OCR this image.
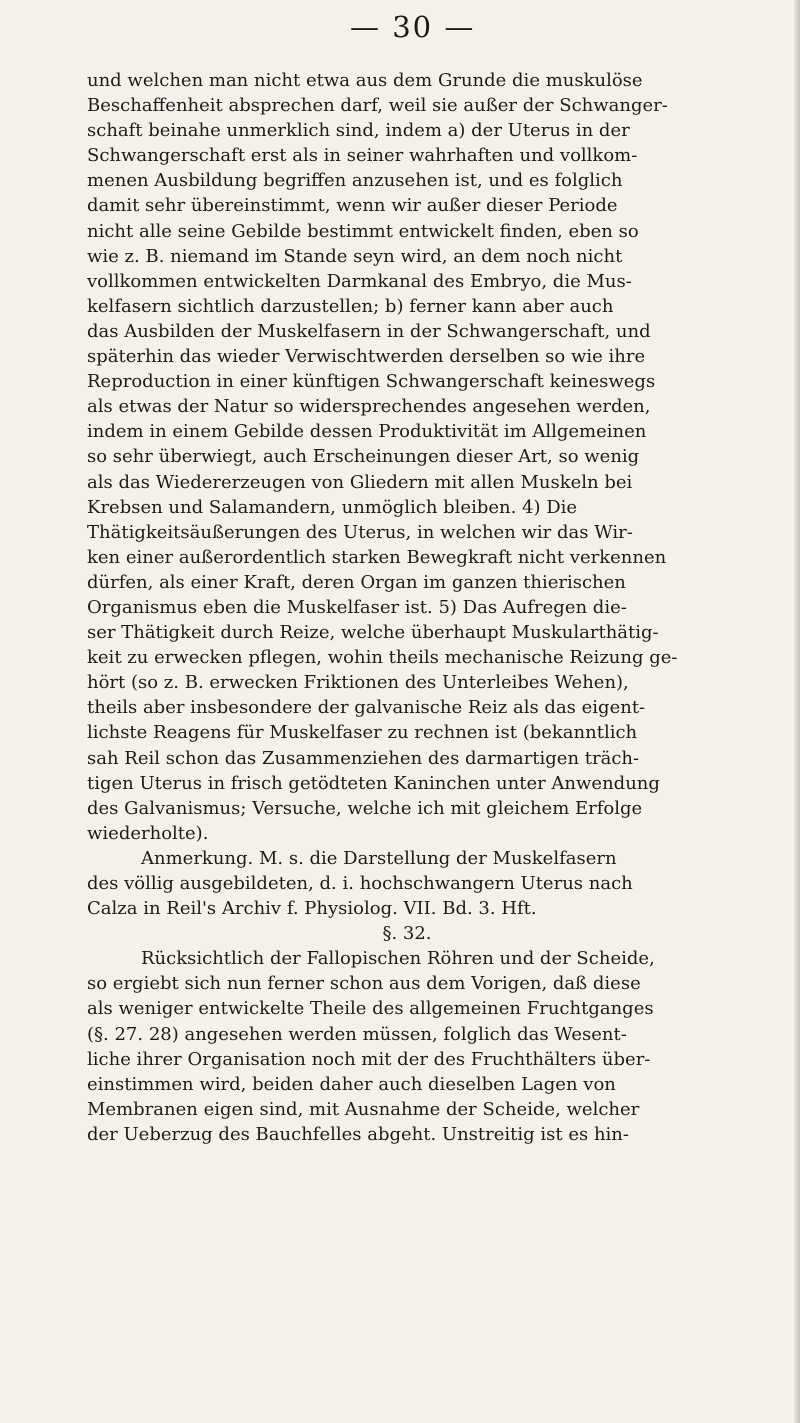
— 30 —
und welchen man nicht etwa aus dem Grunde die muskulöse
Beschaffenheit absprechen darf, weil sie außer der Schwanger-
schaft beinahe unmerklich sind, indem a) der Uterus in der
Schwangerschaft erst als in seiner wahrhaften und vollkom-
menen Ausbildung begriffen anzusehen ist, und es folglich
damit sehr übereinstimmt, wenn wir außer dieser Periode
nicht alle seine Gebilde bestimmt entwickelt finden, eben so
wie z. B. niemand im Stande seyn wird, an dem noch nicht
vollkommen entwickelten Darmkanal des Embryo, die Mus-
kelfasern sichtlich darzustellen; b) ferner kann aber auch
das Ausbilden der Muskelfasern in der Schwangerschaft, und
späterhin das wieder Verwischtwerden derselben so wie ihre
Reproduction in einer künftigen Schwangerschaft keineswegs
als etwas der Natur so widersprechendes angesehen werden,
indem in einem Gebilde dessen Produktivität im Allgemeinen
so sehr überwiegt, auch Erscheinungen dieser Art, so wenig
als das Wiedererzeugen von Gliedern mit allen Muskeln bei
Krebsen und Salamandern, unmöglich bleiben. 4) Die
Thätigkeitsäußerungen des Uterus, in welchen wir das Wir-
ken einer außerordentlich starken Bewegkraft nicht verkennen
dürfen, als einer Kraft, deren Organ im ganzen thierischen
Organismus eben die Muskelfaser ist. 5) Das Aufregen die-
ser Thätigkeit durch Reize, welche überhaupt Muskularthätig-
keit zu erwecken pflegen, wohin theils mechanische Reizung ge-
hört (so z. B. erwecken Friktionen des Unterleibes Wehen),
theils aber insbesondere der galvanische Reiz als das eigent-
lichste Reagens für Muskelfaser zu rechnen ist (bekanntlich
sah Reil schon das Zusammenziehen des darmartigen träch-
tigen Uterus in frisch getödteten Kaninchen unter Anwendung
des Galvanismus; Versuche, welche ich mit gleichem Erfolge
wiederholte).
Anmerkung. M. s. die Darstellung der Muskelfasern
des völlig ausgebildeten, d. i. hochschwangern Uterus nach
Calza in Reil's Archiv f. Physiolog. VII. Bd. 3. Hft.
§. 32.
Rücksichtlich der Fallopischen Röhren und der Scheide,
so ergiebt sich nun ferner schon aus dem Vorigen, daß diese
als weniger entwickelte Theile des allgemeinen Fruchtganges
(§. 27. 28) angesehen werden müssen, folglich das Wesent-
liche ihrer Organisation noch mit der des Fruchthälters über-
einstimmen wird, beiden daher auch dieselben Lagen von
Membranen eigen sind, mit Ausnahme der Scheide, welcher
der Ueberzug des Bauchfelles abgeht. Unstreitig ist es hin-
